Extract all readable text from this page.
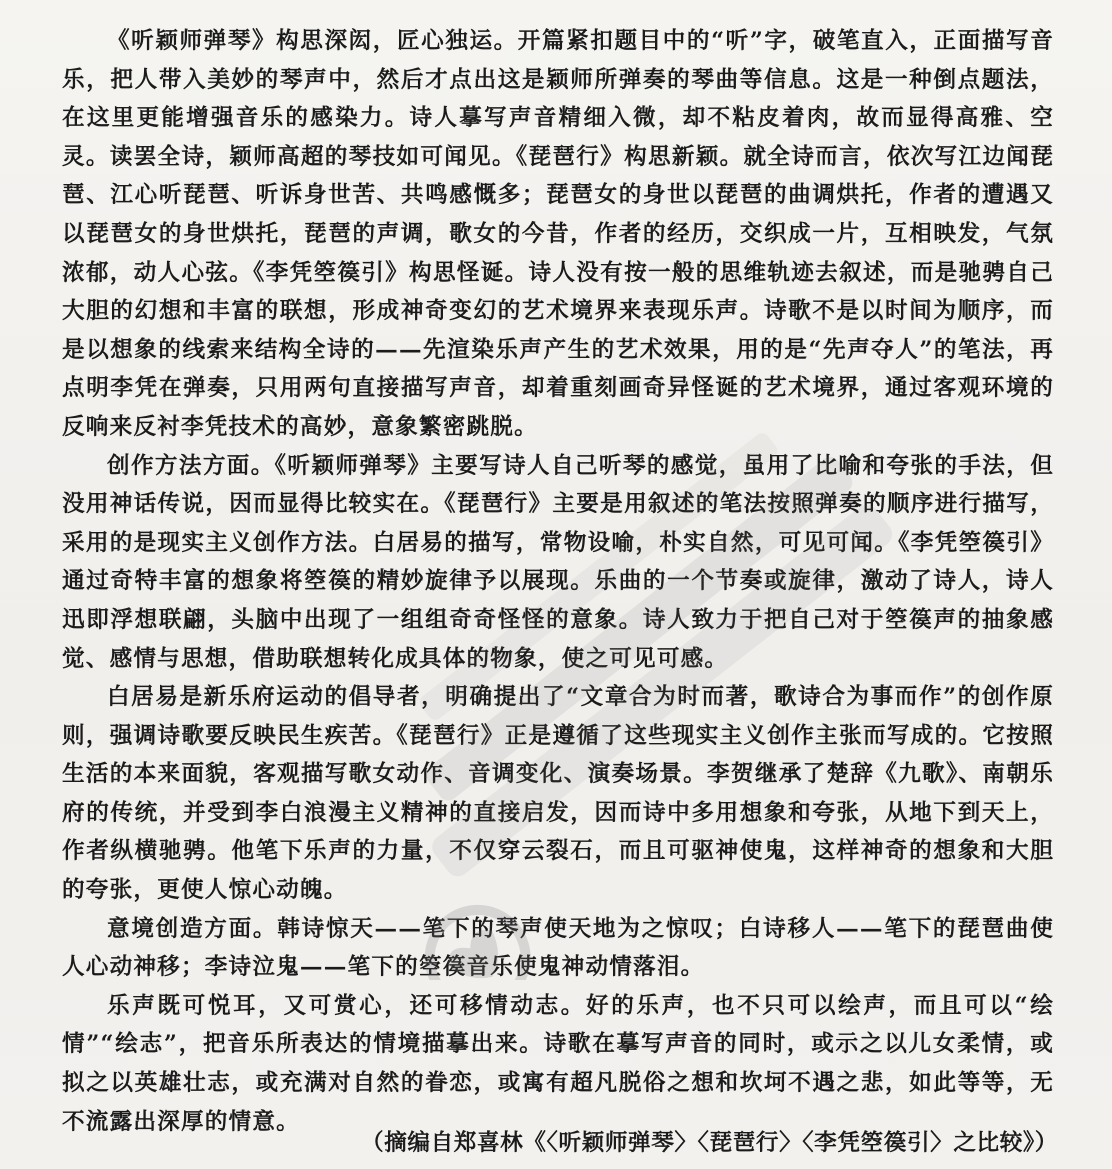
《听颖师弹琴》构思深闳，匠心独运。开篇紧扣题目中的“听”字，破笔直入，正面描写音乐，把人带入美妙的琴声中，然后才点出这是颖师所弹奏的琴曲等信息。这是一种倒点题法，在这里更能增强音乐的感染力。诗人摹写声音精细入微，却不粘皮着肉，故而显得高雅、空灵。读罢全诗，颖师高超的琴技如可闻见。《琵琶行》构思新颖。就全诗而言，依次写江边闻琵琶、江心听琵琶、听诉身世苦、共鸣感慨多；琵琶女的身世以琵琶的曲调烘托，作者的遭遇又以琵琶女的身世烘托，琵琶的声调，歌女的今昔，作者的经历，交织成一片，互相映发，气氛浓郁，动人心弦。《李凭箜篌引》构思怪诞。诗人没有按一般的思维轨迹去叙述，而是驰骋自己大胆的幻想和丰富的联想，形成神奇变幻的艺术境界来表现乐声。诗歌不是以时间为顺序，而是以想象的线索来结构全诗的——先渲染乐声产生的艺术效果，用的是“先声夺人”的笔法，再点明李凭在弹奏，只用两句直接描写声音，却着重刻画奇异怪诞的艺术境界，通过客观环境的反响来反衬李凭技术的高妙，意象繁密跳脱。

创作方法方面。《听颖师弹琴》主要写诗人自己听琴的感觉，虽用了比喻和夸张的手法，但没用神话传说，因而显得比较实在。《琵琶行》主要是用叙述的笔法按照弹奏的顺序进行描写，采用的是现实主义创作方法。白居易的描写，常物设喻，朴实自然，可见可闻。《李凭箜篌引》通过奇特丰富的想象将箜篌的精妙旋律予以展现。乐曲的一个节奏或旋律，激动了诗人，诗人迅即浮想联翩，头脑中出现了一组组奇奇怪怪的意象。诗人致力于把自己对于箜篌声的抽象感觉、感情与思想，借助联想转化成具体的物象，使之可见可感。

白居易是新乐府运动的倡导者，明确提出了“文章合为时而著，歌诗合为事而作”的创作原则，强调诗歌要反映民生疾苦。《琵琶行》正是遵循了这些现实主义创作主张而写成的。它按照生活的本来面貌，客观描写歌女动作、音调变化、演奏场景。李贺继承了楚辞《九歌》、南朝乐府的传统，并受到李白浪漫主义精神的直接启发，因而诗中多用想象和夸张，从地下到天上，作者纵横驰骋。他笔下乐声的力量，不仅穿云裂石，而且可驱神使鬼，这样神奇的想象和大胆的夸张，更使人惊心动魄。

意境创造方面。韩诗惊天——笔下的琴声使天地为之惊叹；白诗移人——笔下的琵琶曲使人心动神移；李诗泣鬼——笔下的箜篌音乐使鬼神动情落泪。

乐声既可悦耳，又可赏心，还可移情动志。好的乐声，也不只可以绘声，而且可以“绘情”“绘志”，把音乐所表达的情境描摹出来。诗歌在摹写声音的同时，或示之以儿女柔情，或拟之以英雄壮志，或充满对自然的眷恋，或寓有超凡脱俗之想和坎坷不遇之悲，如此等等，无不流露出深厚的情意。

（摘编自郑喜林《〈听颖师弹琴〉〈琵琶行〉〈李凭箜篌引〉之比较》）
